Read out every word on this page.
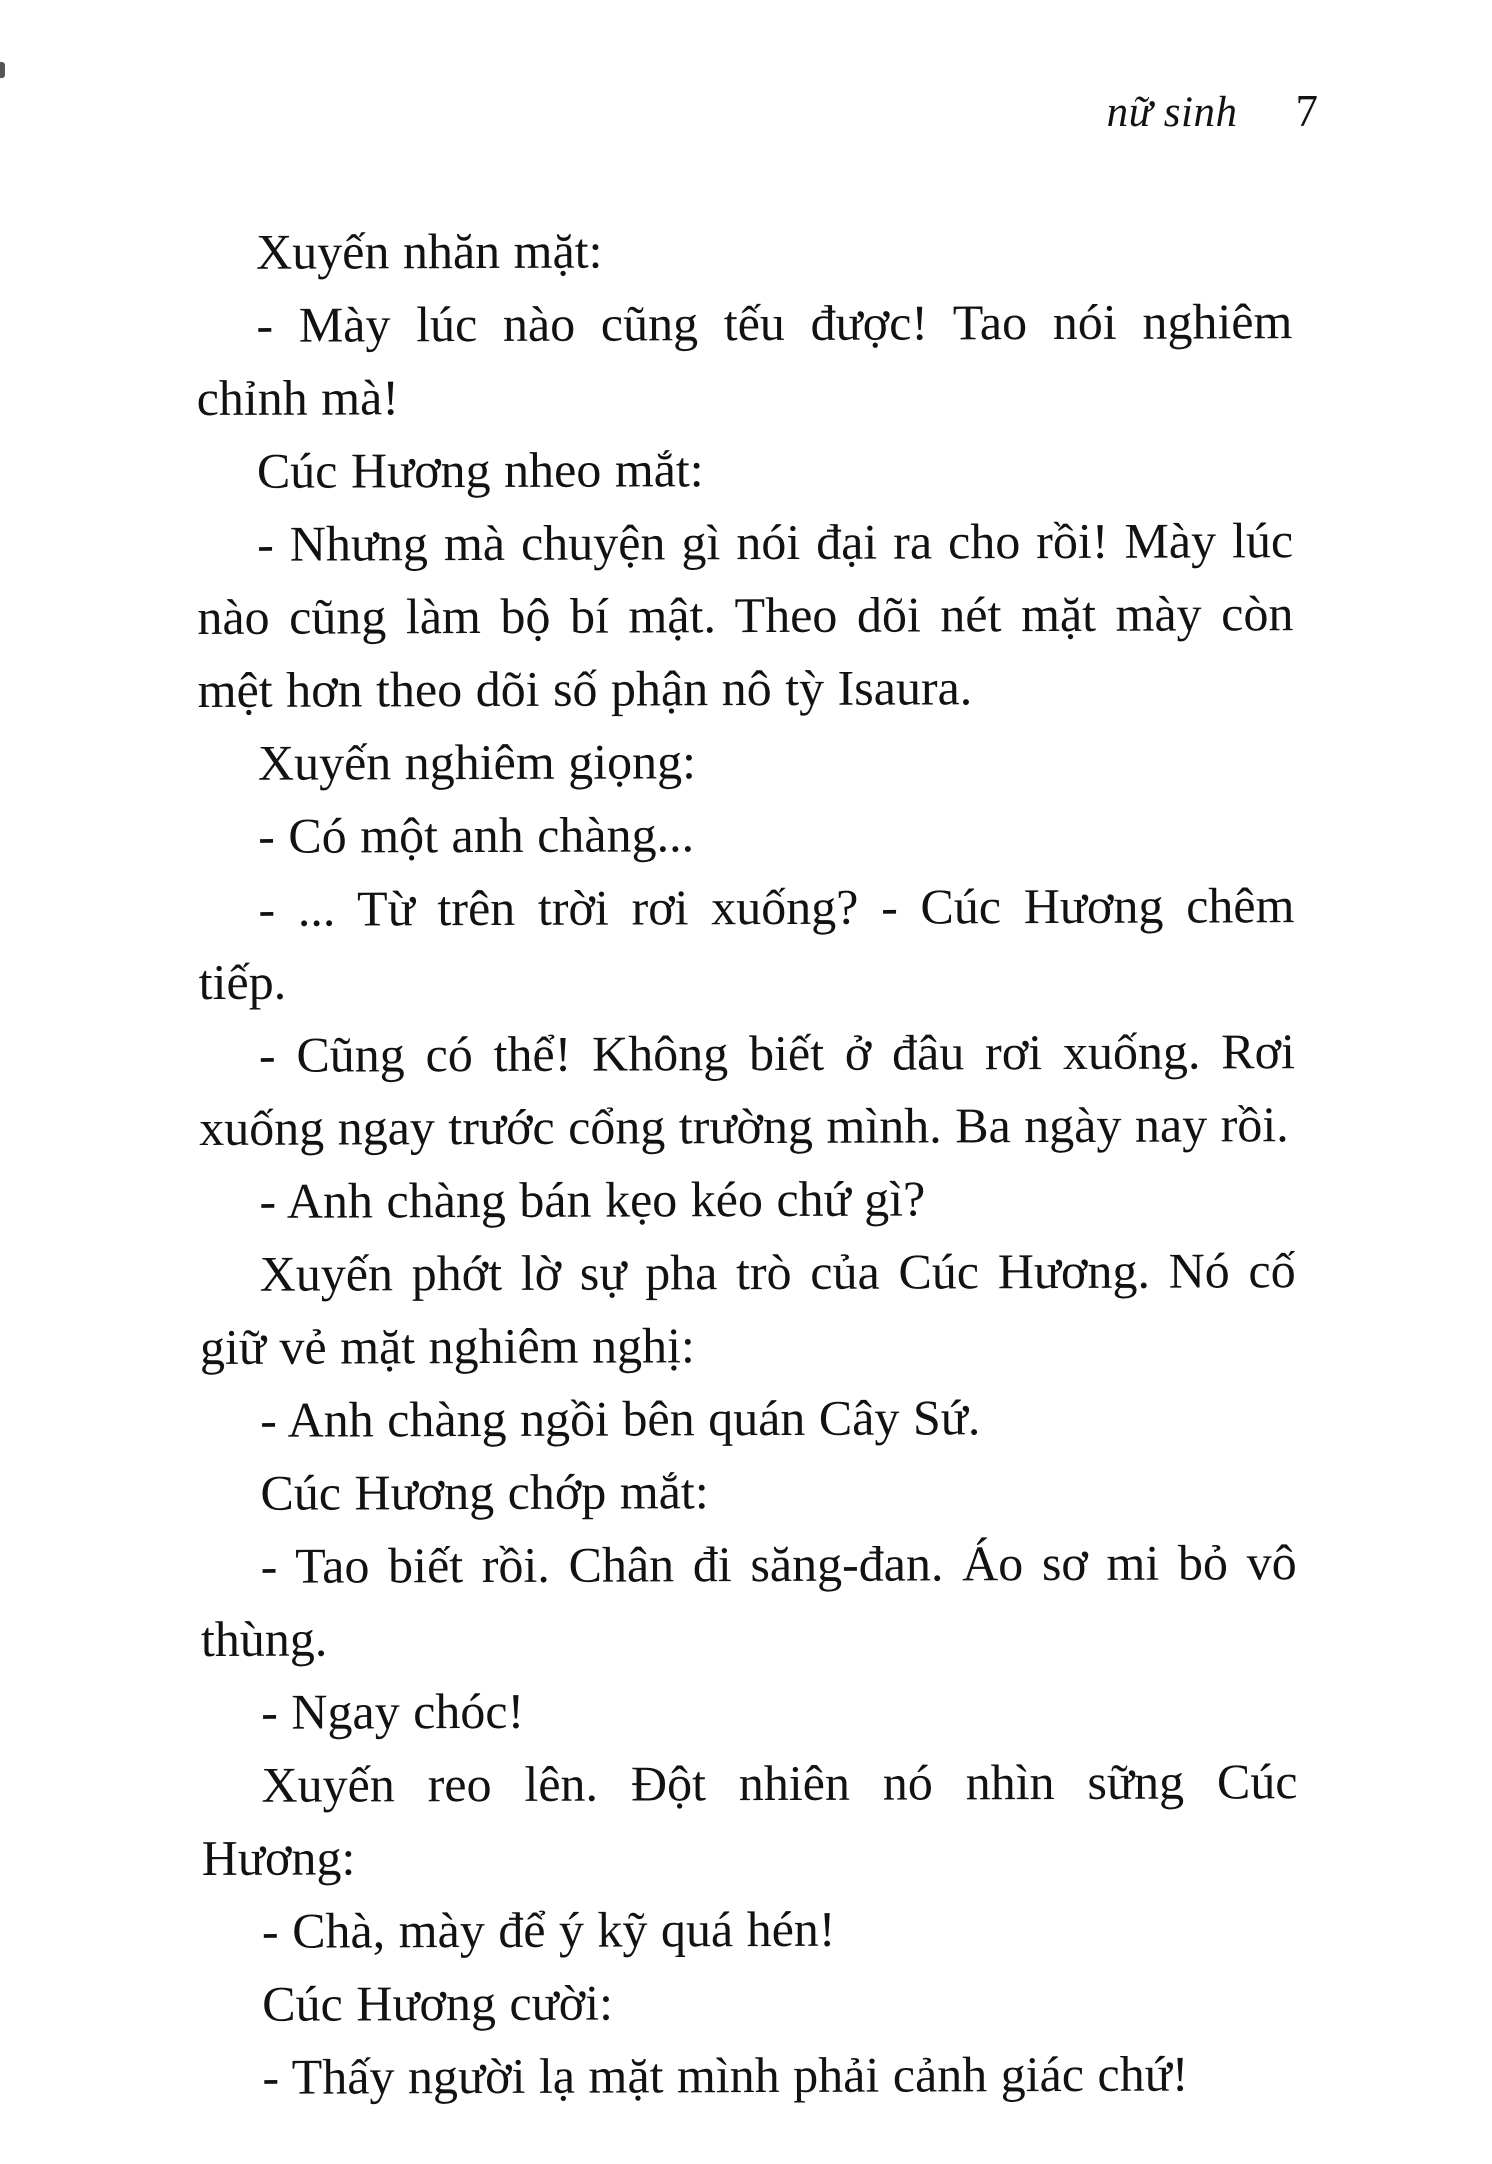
nữ sinh 7

Xuyến nhăn mặt:

- Mày lúc nào cũng tếu được! Tao nói nghiêm chỉnh mà!

Cúc Hương nheo mắt:

- Nhưng mà chuyện gì nói đại ra cho rồi! Mày lúc nào cũng làm bộ bí mật. Theo dõi nét mặt mày còn mệt hơn theo dõi số phận nô tỳ Isaura.

Xuyến nghiêm giọng:

- Có một anh chàng...

- ... Từ trên trời rơi xuống? - Cúc Hương chêm tiếp.

- Cũng có thể! Không biết ở đâu rơi xuống. Rơi xuống ngay trước cổng trường mình. Ba ngày nay rồi.

- Anh chàng bán kẹo kéo chứ gì?

Xuyến phớt lờ sự pha trò của Cúc Hương. Nó cố giữ vẻ mặt nghiêm nghị:

- Anh chàng ngồi bên quán Cây Sứ.

Cúc Hương chớp mắt:

- Tao biết rồi. Chân đi săng-đan. Áo sơ mi bỏ vô thùng.

- Ngay chóc!

Xuyến reo lên. Đột nhiên nó nhìn sững Cúc Hương:

- Chà, mày để ý kỹ quá hén!

Cúc Hương cười:

- Thấy người lạ mặt mình phải cảnh giác chứ!
